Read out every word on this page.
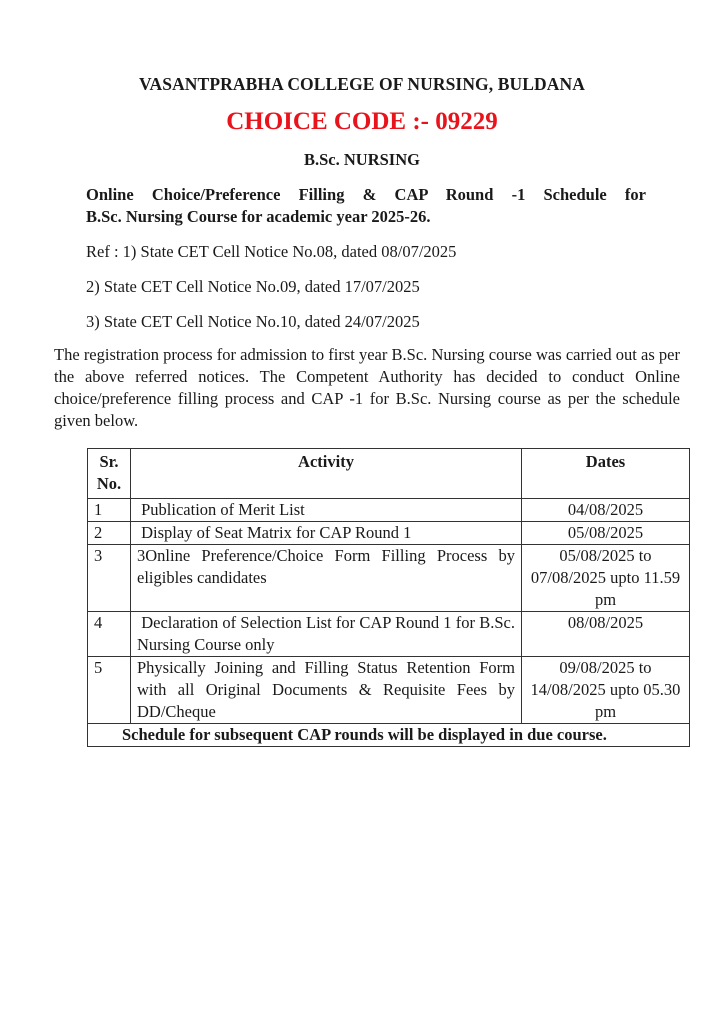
VASANTPRABHA COLLEGE OF NURSING, BULDANA
CHOICE CODE :- 09229
B.Sc. NURSING
Online Choice/Preference Filling & CAP Round -1 Schedule for
B.Sc. Nursing Course for academic year 2025-26.
Ref : 1) State CET Cell Notice No.08, dated 08/07/2025
2) State CET Cell Notice No.09, dated 17/07/2025
3) State CET Cell Notice No.10, dated 24/07/2025
The registration process for admission to first year B.Sc. Nursing course was carried out as per the above referred notices. The Competent Authority has decided to conduct Online choice/preference filling process and CAP -1 for B.Sc. Nursing course as per the schedule given below.
Sr.
No.	Activity	Dates
1	Publication of Merit List	04/08/2025
2	Display of Seat Matrix for CAP Round 1	05/08/2025
3	3Online Preference/Choice Form Filling Process by eligibles candidates	05/08/2025 to 07/08/2025 upto 11.59 pm
4	Declaration of Selection List for CAP Round 1 for B.Sc. Nursing Course only	08/08/2025
5	Physically Joining and Filling Status Retention Form with all Original Documents & Requisite Fees by DD/Cheque	09/08/2025 to 14/08/2025 upto 05.30 pm
Schedule for subsequent CAP rounds will be displayed in due course.		
